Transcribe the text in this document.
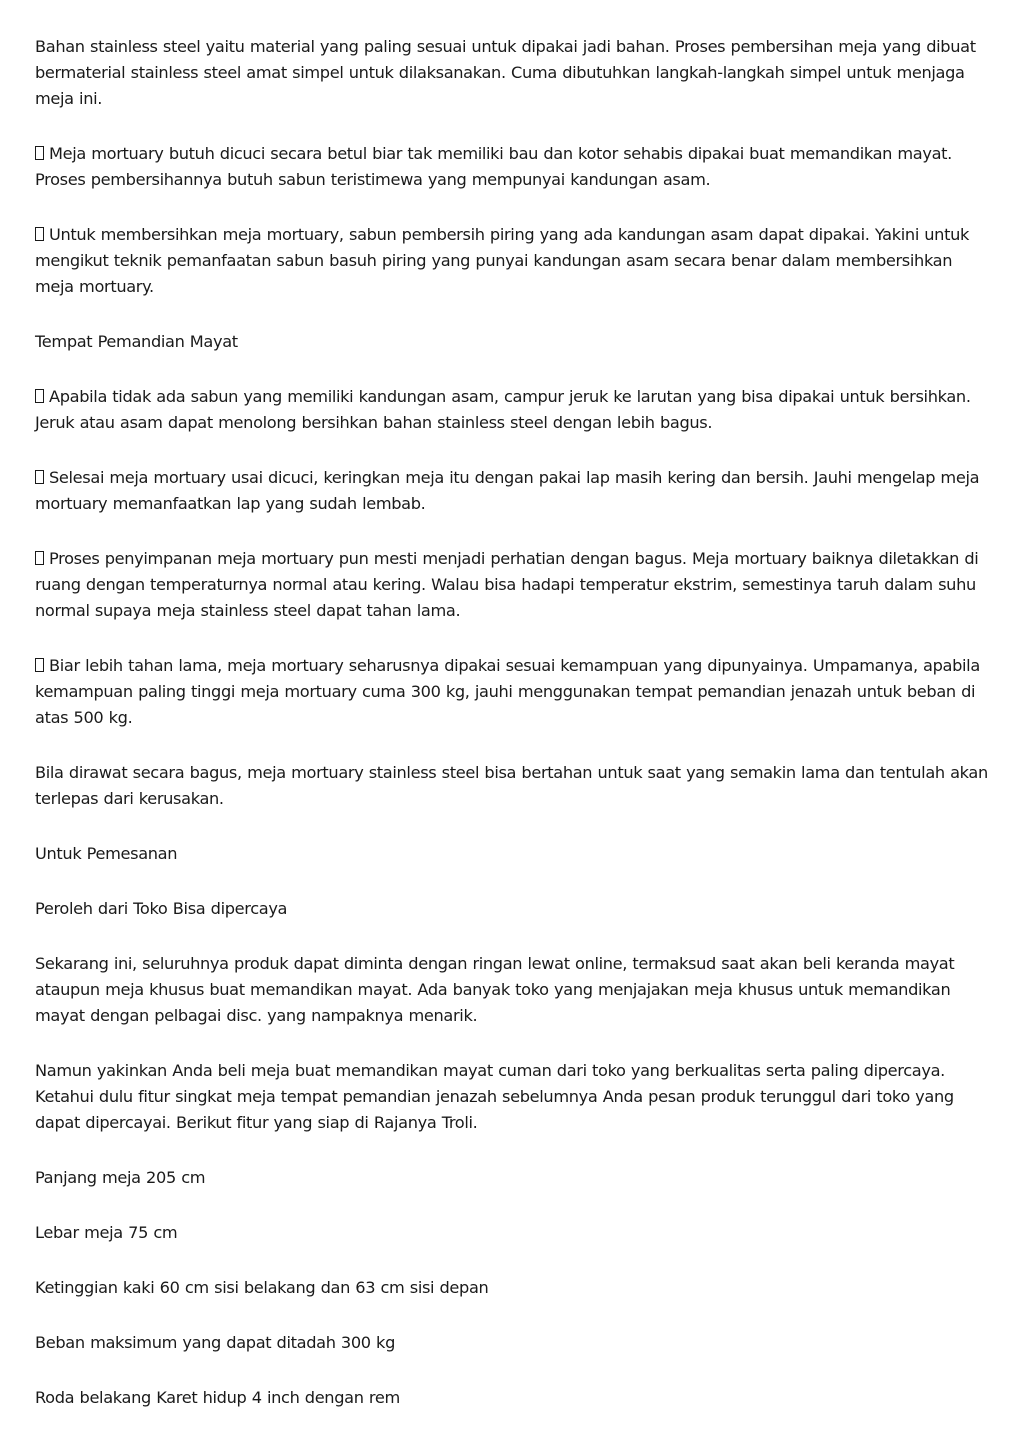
Bahan stainless steel yaitu material yang paling sesuai untuk dipakai jadi bahan. Proses pembersihan meja yang dibuat bermaterial stainless steel amat simpel untuk dilaksanakan. Cuma dibutuhkan langkah-langkah simpel untuk menjaga meja ini.

Meja mortuary butuh dicuci secara betul biar tak memiliki bau dan kotor sehabis dipakai buat memandikan mayat. Proses pembersihannya butuh sabun teristimewa yang mempunyai kandungan asam.

Untuk membersihkan meja mortuary, sabun pembersih piring yang ada kandungan asam dapat dipakai. Yakini untuk mengikut teknik pemanfaatan sabun basuh piring yang punyai kandungan asam secara benar dalam membersihkan meja mortuary.

Tempat Pemandian Mayat

Apabila tidak ada sabun yang memiliki kandungan asam, campur jeruk ke larutan yang bisa dipakai untuk bersihkan. Jeruk atau asam dapat menolong bersihkan bahan stainless steel dengan lebih bagus.

Selesai meja mortuary usai dicuci, keringkan meja itu dengan pakai lap masih kering dan bersih. Jauhi mengelap meja mortuary memanfaatkan lap yang sudah lembab.

Proses penyimpanan meja mortuary pun mesti menjadi perhatian dengan bagus. Meja mortuary baiknya diletakkan di ruang dengan temperaturnya normal atau kering. Walau bisa hadapi temperatur ekstrim, semestinya taruh dalam suhu normal supaya meja stainless steel dapat tahan lama.

Biar lebih tahan lama, meja mortuary seharusnya dipakai sesuai kemampuan yang dipunyainya. Umpamanya, apabila kemampuan paling tinggi meja mortuary cuma 300 kg, jauhi menggunakan tempat pemandian jenazah untuk beban di atas 500 kg.

Bila dirawat secara bagus, meja mortuary stainless steel bisa bertahan untuk saat yang semakin lama dan tentulah akan terlepas dari kerusakan.

Untuk Pemesanan

Peroleh dari Toko Bisa dipercaya

Sekarang ini, seluruhnya produk dapat diminta dengan ringan lewat online, termaksud saat akan beli keranda mayat ataupun meja khusus buat memandikan mayat. Ada banyak toko yang menjajakan meja khusus untuk memandikan mayat dengan pelbagai disc. yang nampaknya menarik.

Namun yakinkan Anda beli meja buat memandikan mayat cuman dari toko yang berkualitas serta paling dipercaya. Ketahui dulu fitur singkat meja tempat pemandian jenazah sebelumnya Anda pesan produk terunggul dari toko yang dapat dipercayai. Berikut fitur yang siap di Rajanya Troli.

Panjang meja 205 cm

Lebar meja 75 cm

Ketinggian kaki 60 cm sisi belakang dan 63 cm sisi depan

Beban maksimum yang dapat ditadah 300 kg

Roda belakang Karet hidup 4 inch dengan rem
